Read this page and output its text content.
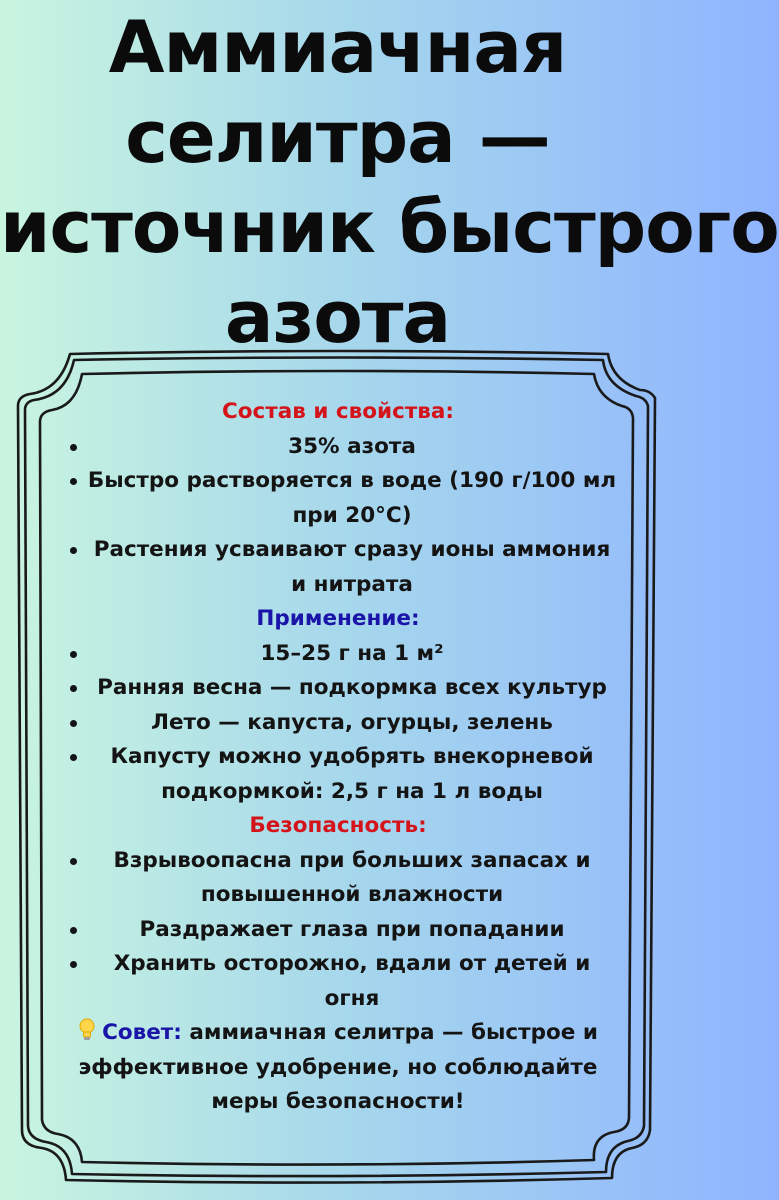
Аммиачная
селитра —
источник быстрого
азота
Состав и свойства:
35% азота
Быстро растворяется в воде (190 г/100 мл при 20°C)
Растения усваивают сразу ионы аммония и нитрата
Применение:
15–25 г на 1 м²
Ранняя весна — подкормка всех культур
Лето — капуста, огурцы, зелень
Капусту можно удобрять внекорневой подкормкой: 2,5 г на 1 л воды
Безопасность:
Взрывоопасна при больших запасах и повышенной влажности
Раздражает глаза при попадании
Хранить осторожно, вдали от детей и огня
Совет: аммиачная селитра — быстрое и эффективное удобрение, но соблюдайте меры безопасности!
